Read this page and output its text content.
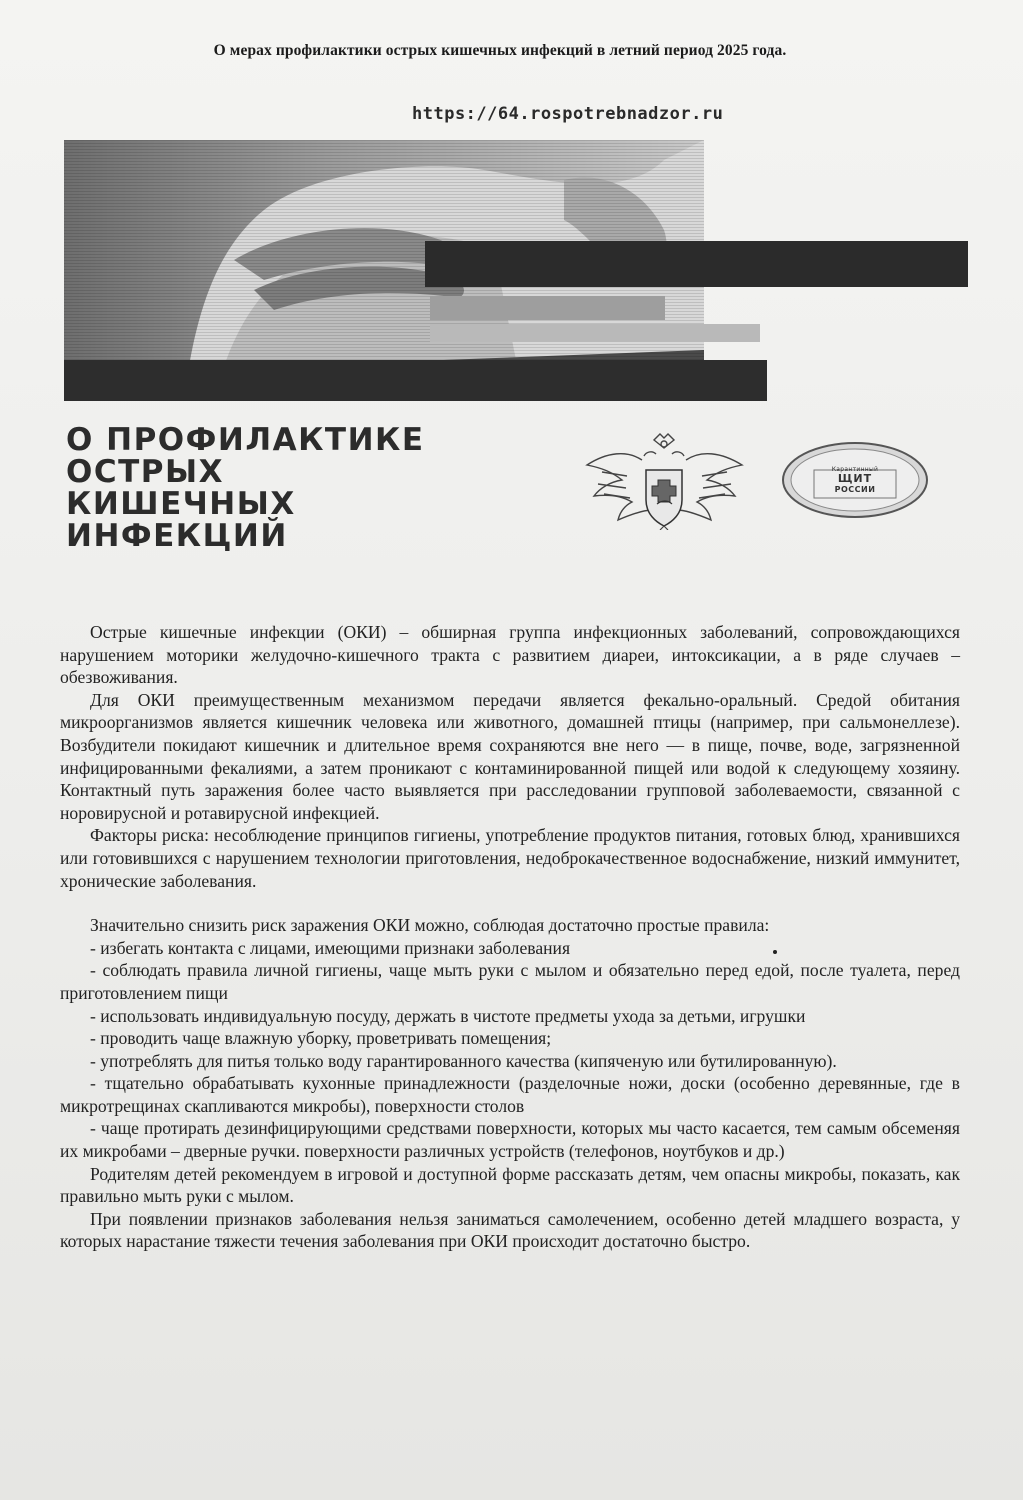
О мерах профилактики острых кишечных инфекций в летний период 2025 года.
https://64.rospotrebnadzor.ru
О ПРОФИЛАКТИКЕ
ОСТРЫХ
КИШЕЧНЫХ
ИНФЕКЦИЙ
Карантинный
ЩИТ
РОССИИ

Острые кишечные инфекции (ОКИ) – обширная группа инфекционных заболеваний, сопровождающихся нарушением моторики желудочно-кишечного тракта с развитием диареи, интоксикации, а в ряде случаев – обезвоживания.

Для ОКИ преимущественным механизмом передачи является фекально-оральный. Средой обитания микроорганизмов является кишечник человека или животного, домашней птицы (например, при сальмонеллезе). Возбудители покидают кишечник и длительное время сохраняются вне него — в пище, почве, воде, загрязненной инфицированными фекалиями, а затем проникают с контаминированной пищей или водой к следующему хозяину. Контактный путь заражения более часто выявляется при расследовании групповой заболеваемости, связанной с норовирусной и ротавирусной инфекцией.

Факторы риска: несоблюдение принципов гигиены, употребление продуктов питания, готовых блюд, хранившихся или готовившихся с нарушением технологии приготовления, недоброкачественное водоснабжение, низкий иммунитет, хронические заболевания.

Значительно снизить риск заражения ОКИ можно, соблюдая достаточно простые правила:

- избегать контакта с лицами, имеющими признаки заболевания

- соблюдать правила личной гигиены, чаще мыть руки с мылом и обязательно перед едой, после туалета, перед приготовлением пищи

- использовать индивидуальную посуду, держать в чистоте предметы ухода за детьми, игрушки

- проводить чаще влажную уборку, проветривать помещения;

- употреблять для питья только воду гарантированного качества (кипяченую или бутилированную).

- тщательно обрабатывать кухонные принадлежности (разделочные ножи, доски (особенно деревянные, где в микротрещинах скапливаются микробы), поверхности столов

- чаще протирать дезинфицирующими средствами поверхности, которых мы часто касается, тем самым обсеменяя их микробами – дверные ручки. поверхности различных устройств (телефонов, ноутбуков и др.)

Родителям детей рекомендуем в игровой и доступной форме рассказать детям, чем опасны микробы, показать, как правильно мыть руки с мылом.

При появлении признаков заболевания нельзя заниматься самолечением, особенно детей младшего возраста, у которых нарастание тяжести течения заболевания при ОКИ происходит достаточно быстро.
